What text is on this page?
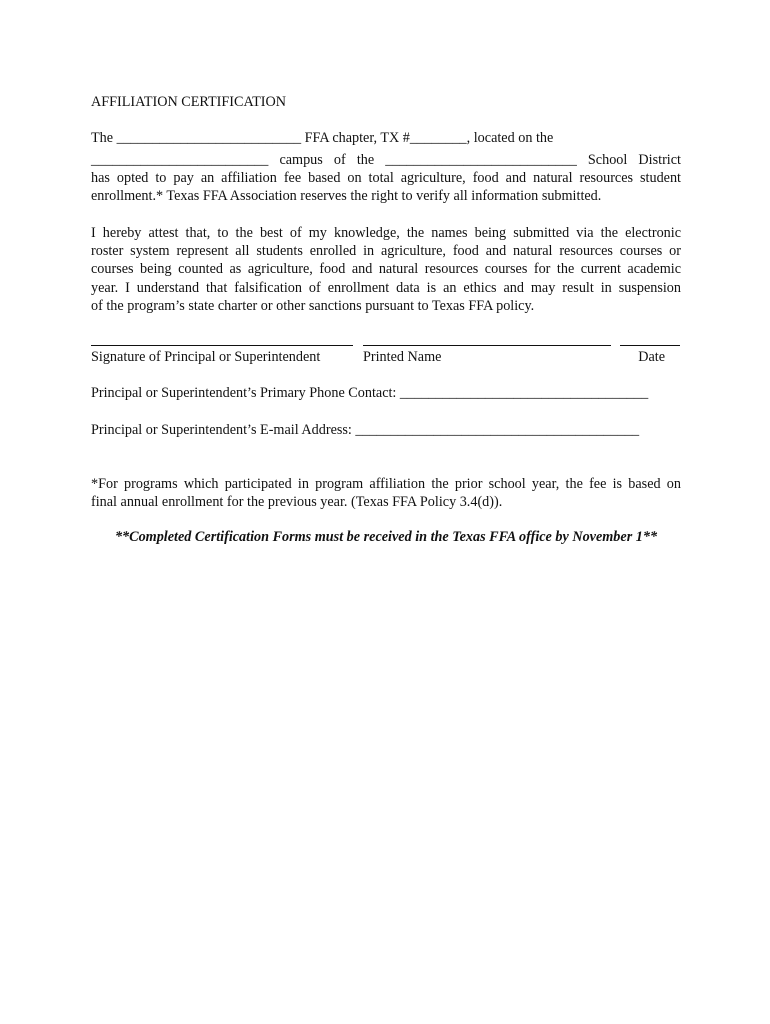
AFFILIATION CERTIFICATION
The __________________________ FFA chapter, TX #________, located on the
_________________________ campus of the ___________________________ School District
has opted to pay an affiliation fee based on total agriculture, food and natural resources student
enrollment.* Texas FFA Association reserves the right to verify all information submitted.
I hereby attest that, to the best of my knowledge, the names being submitted via the electronic
roster system represent all students enrolled in agriculture, food and natural resources courses or
courses being counted as agriculture, food and natural resources courses for the current academic
year. I understand that falsification of enrollment data is an ethics and may result in suspension
of the program’s state charter or other sanctions pursuant to Texas FFA policy.
Signature of Principal or Superintendent	Printed Name	Date
Principal or Superintendent’s Primary Phone Contact: ___________________________________
Principal or Superintendent’s E-mail Address: ________________________________________
*For programs which participated in program affiliation the prior school year, the fee is based on
final annual enrollment for the previous year. (Texas FFA Policy 3.4(d)).
**Completed Certification Forms must be received in the Texas FFA office by November 1**
